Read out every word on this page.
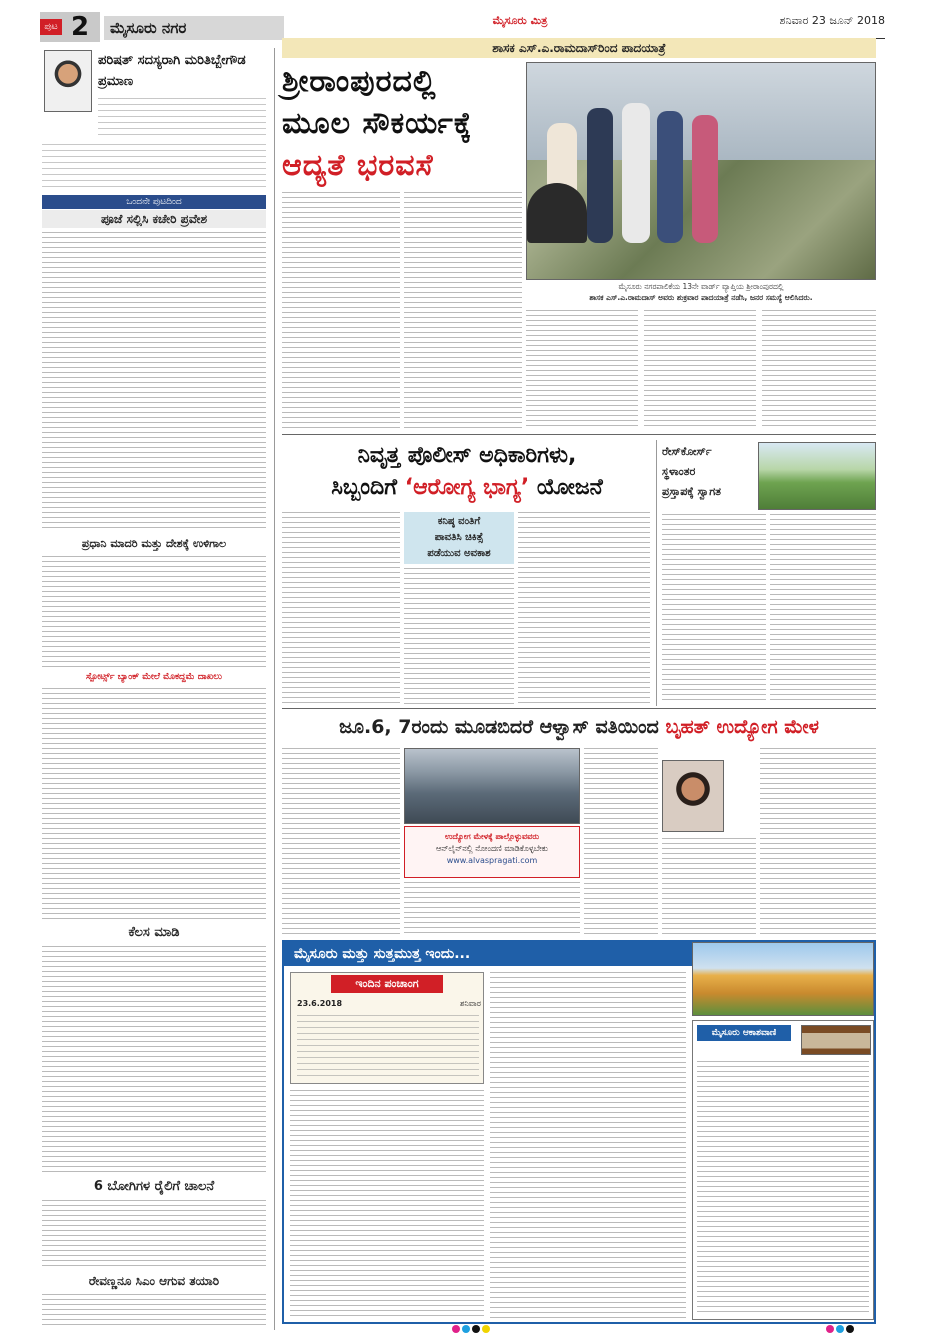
ಪುಟ 2	ಮೈಸೂರು ನಗರ	ಮೈಸೂರು ಮಿತ್ರ	ಶನಿವಾರ 23 ಜೂನ್ 2018
ಪರಿಷತ್ ಸದಸ್ಯರಾಗಿ ಮರಿತಿಬ್ಬೇಗೌಡ ಪ್ರಮಾಣ
ಒಂದನೇ ಪುಟದಿಂದ
ಪೂಜೆ ಸಲ್ಲಿಸಿ ಕಚೇರಿ ಪ್ರವೇಶ
ಪ್ರಧಾನಿ ಮಾದರಿ ಮತ್ತು ದೇಶಕ್ಕೆ ಉಳಿಗಾಲ
ಸ್ಪೋರ್ಟ್ಸ್ ಬ್ಯಾಂಕ್ ಮೇಲೆ ಮೊಕದ್ದಮೆ ದಾಖಲು
ಕೆಲಸ ಮಾಡಿ
6 ಬೋಗಿಗಳ ರೈಲಿಗೆ ಚಾಲನೆ
ರೇವಣ್ಣನೂ ಸಿಎಂ ಆಗುವ ತಯಾರಿ
ಶಾಸಕ ಎಸ್.ಎ.ರಾಮದಾಸ್‌ರಿಂದ ಪಾದಯಾತ್ರೆ
ಶ್ರೀರಾಂಪುರದಲ್ಲಿ
ಮೂಲ ಸೌಕರ್ಯಕ್ಕೆ
ಆದ್ಯತೆ ಭರವಸೆ
ಮೈಸೂರು ನಗರಪಾಲಿಕೆಯ 13ನೇ ವಾರ್ಡ್ ವ್ಯಾಪ್ತಿಯ ಶ್ರೀರಾಂಪುರದಲ್ಲಿ
ಶಾಸಕ ಎಸ್.ಎ.ರಾಮದಾಸ್ ಅವರು ಶುಕ್ರವಾರ ಪಾದಯಾತ್ರೆ ನಡೆಸಿ, ಜನರ ಸಮಸ್ಯೆ ಆಲಿಸಿದರು.
ನಿವೃತ್ತ ಪೊಲೀಸ್ ಅಧಿಕಾರಿಗಳು,
ಸಿಬ್ಬಂದಿಗೆ ‘ಆರೋಗ್ಯ ಭಾಗ್ಯ’ ಯೋಜನೆ
ಕನಿಷ್ಠ ವಂತಿಗೆ
ಪಾವತಿಸಿ ಚಿಕಿತ್ಸೆ
ಪಡೆಯುವ ಅವಕಾಶ
ರೇಸ್‌ಕೋರ್ಸ್
ಸ್ಥಳಾಂತರ
ಪ್ರಸ್ತಾಪಕ್ಕೆ ಸ್ವಾಗತ
ಜೂ.6, 7ರಂದು ಮೂಡಬಿದರೆ ಆಳ್ವಾಸ್ ವತಿಯಿಂದ ಬೃಹತ್ ಉದ್ಯೋಗ ಮೇಳ
ಉದ್ಯೋಗ ಮೇಳಕ್ಕೆ ಪಾಲ್ಗೊಳ್ಳುವವರು
ಆನ್‌ಲೈನ್‌ನಲ್ಲಿ ನೋಂದಣಿ ಮಾಡಿಕೊಳ್ಳಬೇಕು
www.alvaspragati.com
ಮೈಸೂರು ಮತ್ತು ಸುತ್ತಮುತ್ತ ಇಂದು...
ಇಂದಿನ ಪಂಚಾಂಗ
23.6.2018	ಶನಿವಾರ
ಮೈಸೂರು ಆಕಾಶವಾಣಿ
